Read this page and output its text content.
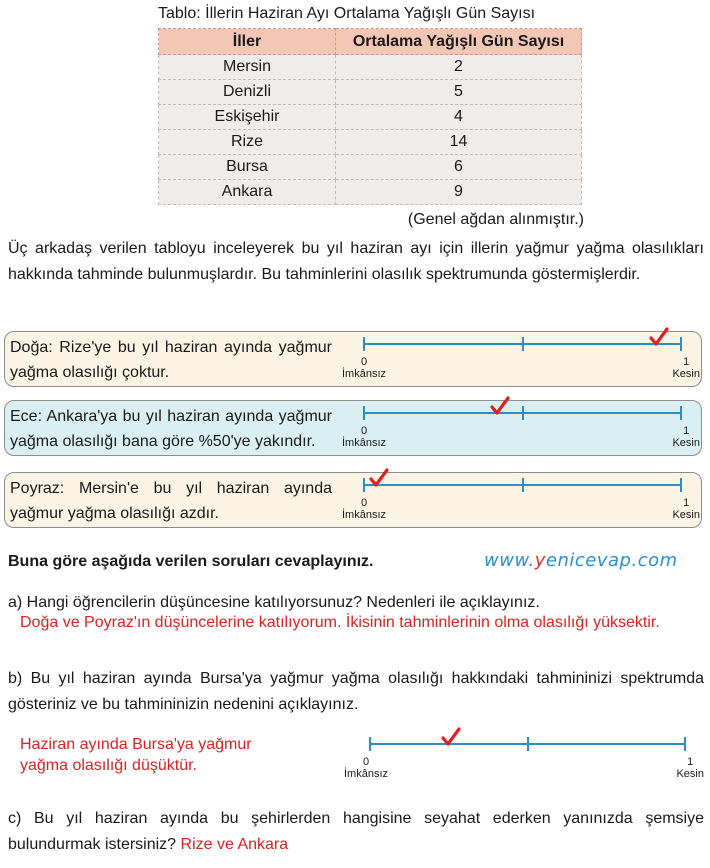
Tablo: İllerin Haziran Ayı Ortalama Yağışlı Gün Sayısı
İller	Ortalama Yağışlı Gün Sayısı
Mersin	2
Denizli	5
Eskişehir	4
Rize	14
Bursa	6
Ankara	9
(Genel ağdan alınmıştır.)
Üç arkadaş verilen tabloyu inceleyerek bu yıl haziran ayı için illerin yağmur yağma olasılıkları hakkında tahminde bulunmuşlardır. Bu tahminlerini olasılık spektrumunda göstermişlerdir.
Doğa: Rize'ye bu yıl haziran ayında yağmur yağma olasılığı çoktur.
0
İmkânsız
1
Kesin
Ece: Ankara'ya bu yıl haziran ayında yağmur yağma olasılığı bana göre %50'ye yakındır.
0
İmkânsız
1
Kesin
Poyraz: Mersin'e bu yıl haziran ayında yağmur yağma olasılığı azdır.
0
İmkânsız
1
Kesin
Buna göre aşağıda verilen soruları cevaplayınız.	www.yenicevap.com
a) Hangi öğrencilerin düşüncesine katılıyorsunuz? Nedenleri ile açıklayınız.
Doğa ve Poyraz'ın düşüncelerine katılıyorum. İkisinin tahminlerinin olma olasılığı yüksektir.
b) Bu yıl haziran ayında Bursa'ya yağmur yağma olasılığı hakkındaki tahmininizi spektrumda gösteriniz ve bu tahmininizin nedenini açıklayınız.
Haziran ayında Bursa'ya yağmur yağma olasılığı düşüktür.	0
İmkânsız
1
Kesin
c) Bu yıl haziran ayında bu şehirlerden hangisine seyahat ederken yanınızda şemsiye bulundurmak istersiniz? Rize ve Ankara
